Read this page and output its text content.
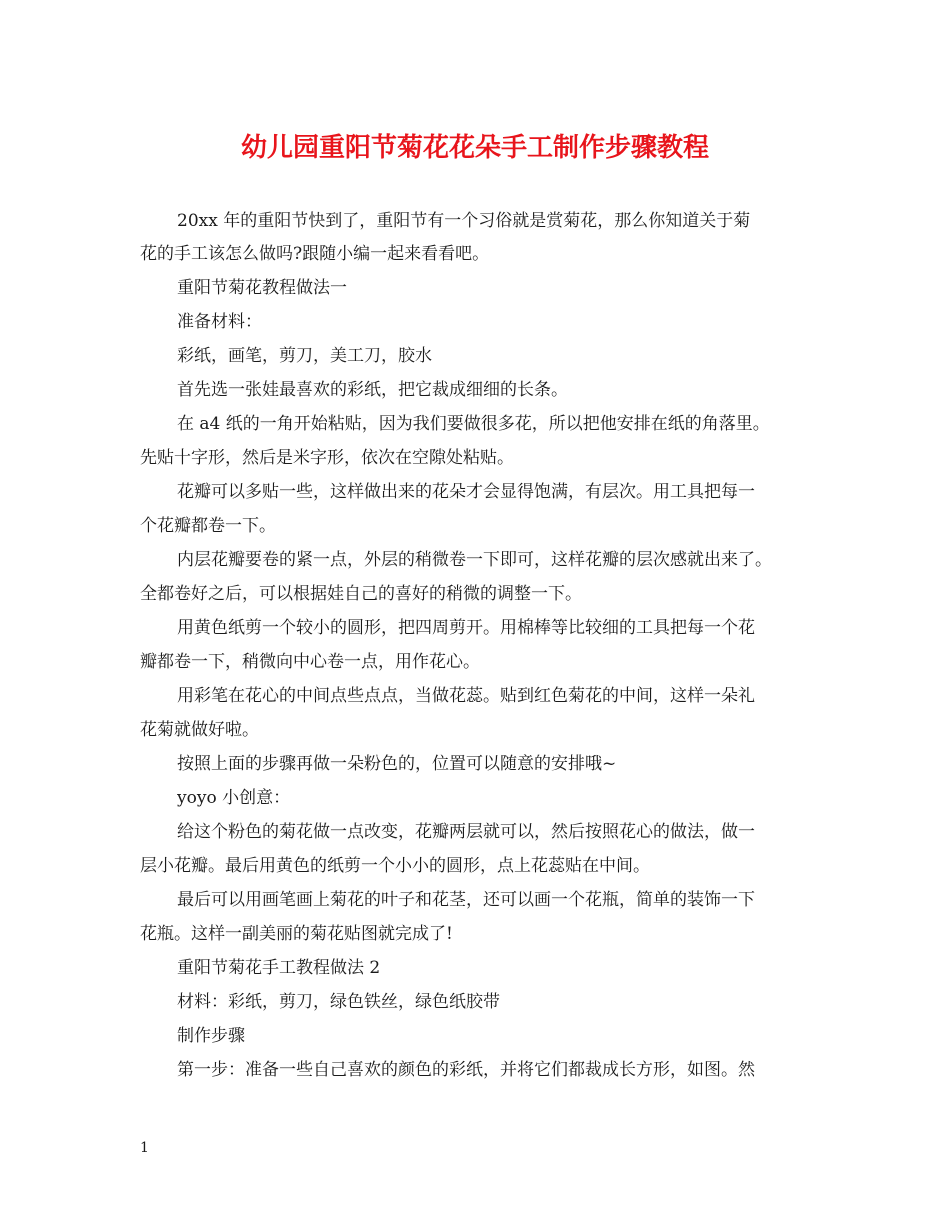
幼儿园重阳节菊花花朵手工制作步骤教程
20xx 年的重阳节快到了，重阳节有一个习俗就是赏菊花，那么你知道关于菊
花的手工该怎么做吗?跟随小编一起来看看吧。
重阳节菊花教程做法一
准备材料：
彩纸，画笔，剪刀，美工刀，胶水
首先选一张娃最喜欢的彩纸，把它裁成细细的长条。
在 a4 纸的一角开始粘贴，因为我们要做很多花，所以把他安排在纸的角落里。
先贴十字形，然后是米字形，依次在空隙处粘贴。
花瓣可以多贴一些，这样做出来的花朵才会显得饱满，有层次。用工具把每一
个花瓣都卷一下。
内层花瓣要卷的紧一点，外层的稍微卷一下即可，这样花瓣的层次感就出来了。
全都卷好之后，可以根据娃自己的喜好的稍微的调整一下。
用黄色纸剪一个较小的圆形，把四周剪开。用棉棒等比较细的工具把每一个花
瓣都卷一下，稍微向中心卷一点，用作花心。
用彩笔在花心的中间点些点点，当做花蕊。贴到红色菊花的中间，这样一朵礼
花菊就做好啦。
按照上面的步骤再做一朵粉色的，位置可以随意的安排哦~
yoyo 小创意：
给这个粉色的菊花做一点改变，花瓣两层就可以，然后按照花心的做法，做一
层小花瓣。最后用黄色的纸剪一个小小的圆形，点上花蕊贴在中间。
最后可以用画笔画上菊花的叶子和花茎，还可以画一个花瓶，简单的装饰一下
花瓶。这样一副美丽的菊花贴图就完成了!
重阳节菊花手工教程做法 2
材料：彩纸，剪刀，绿色铁丝，绿色纸胶带
制作步骤
第一步：准备一些自己喜欢的颜色的彩纸，并将它们都裁成长方形，如图。然
1
